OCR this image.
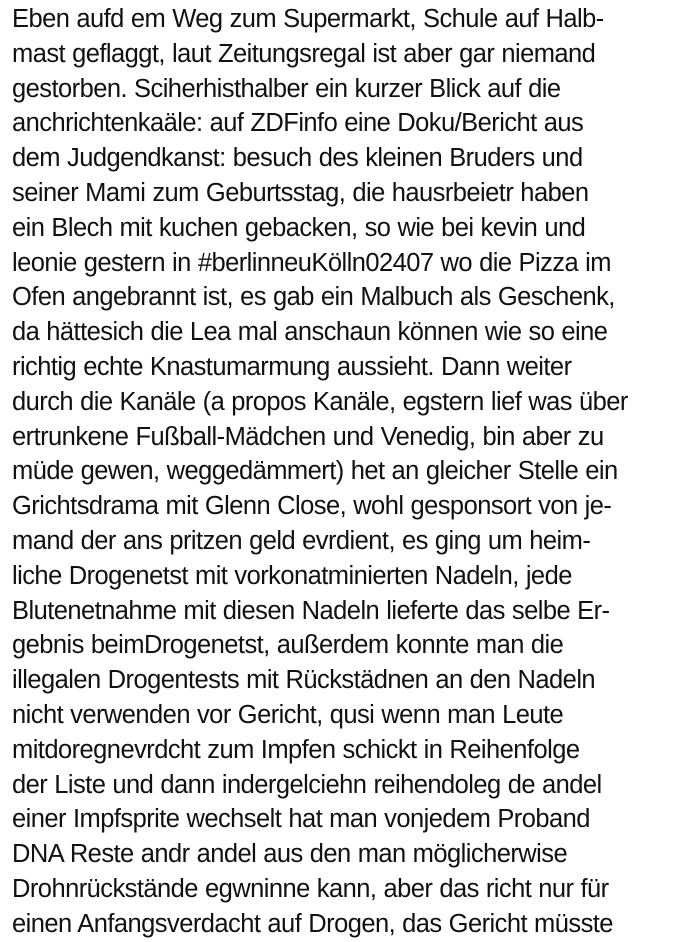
Eben aufd em Weg zum Supermarkt, Schule auf Halb-
mast geflaggt, laut Zeitungsregal ist aber gar niemand
gestorben. Sciherhisthalber ein kurzer Blick auf die
anchrichtenkaäle: auf ZDFinfo eine Doku/Bericht aus
dem Judgendkanst: besuch des kleinen Bruders und
seiner Mami zum Geburtsstag, die hausrbeietr haben
ein Blech mit kuchen gebacken, so wie bei kevin und
leonie gestern in #berlinneuKölln02407 wo die Pizza im
Ofen angebrannt ist, es gab ein Malbuch als Geschenk,
da hättesich die Lea mal anschaun können wie so eine
richtig echte Knastumarmung aussieht. Dann weiter
durch die Kanäle (a propos Kanäle, egstern lief was über
ertrunkene Fußball-Mädchen und Venedig, bin aber zu
müde gewen, weggedämmert) het an gleicher Stelle ein
Grichtsdrama mit Glenn Close, wohl gesponsort von je-
mand der ans pritzen geld evrdient, es ging um heim-
liche Drogenetst mit vorkonatminierten Nadeln, jede
Blutenetnahme mit diesen Nadeln lieferte das selbe Er-
gebnis beimDrogenetst, außerdem konnte man die
illegalen Drogentests mit Rückstädnen an den Nadeln
nicht verwenden vor Gericht, qusi wenn man Leute
mitdoregnevrdcht zum Impfen schickt in Reihenfolge
der Liste und dann indergelciehn reihendoleg de andel
einer Impfsprite wechselt hat man vonjedem Proband
DNA Reste andr andel aus den man möglicherwise
Drohnrückstände egwninne kann, aber das richt nur für
einen Anfangsverdacht auf Drogen, das Gericht müsste
